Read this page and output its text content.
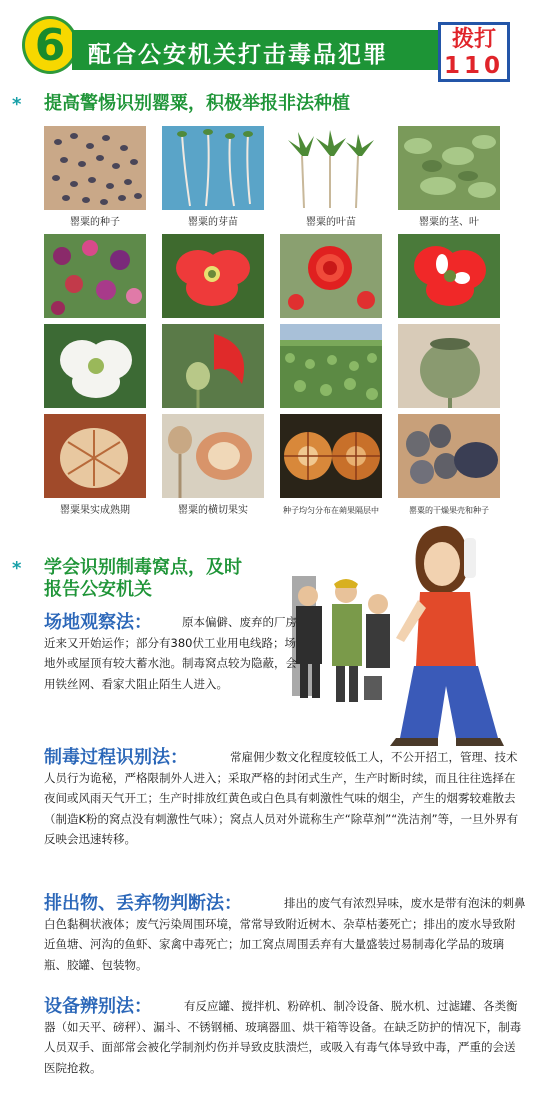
6 配合公安机关打击毒品犯罪
拨打
110
* 提高警惕识别罂粟，积极举报非法种植
罂粟的种子	罂粟的芽苗	罂粟的叶苗	罂粟的茎、叶
罂粟果实成熟期	罂粟的横切果实	种子均匀分布在蒴果隔层中	罂粟的干燥果壳和种子
* 学会识别制毒窝点，及时
报告公安机关
场地观察法：	原本偏僻、废弃的厂房近来又开始运作；部分有380伏工业用电线路；场地外或屋顶有较大蓄水池。制毒窝点较为隐蔽，会用铁丝网、看家犬阻止陌生人进入。
制毒过程识别法：	常雇佣少数文化程度较低工人，不公开招工，管理、技术人员行为诡秘，严格限制外人进入；采取严格的封闭式生产，生产时断时续，而且往往选择在夜间或风雨天气开工；生产时排放红黄色或白色具有刺激性气味的烟尘，产生的烟雾较难散去（制造K粉的窝点没有刺激性气味）；窝点人员对外谎称生产“除草剂”“洗洁剂”等，一旦外界有反映会迅速转移。
排出物、丢弃物判断法：	排出的废气有浓烈异味，废水是带有泡沫的刺鼻白色黏稠状液体；废气污染周围环境，常常导致附近树木、杂草枯萎死亡；排出的废水导致附近鱼塘、河沟的鱼虾、家禽中毒死亡；加工窝点周围丢弃有大量盛装过易制毒化学品的玻璃瓶、胶罐、包装物。
设备辨别法：	有反应罐、搅拌机、粉碎机、制冷设备、脱水机、过滤罐、各类衡器（如天平、磅秤）、漏斗、不锈钢桶、玻璃器皿、烘干箱等设备。在缺乏防护的情况下，制毒人员双手、面部常会被化学制剂灼伤并导致皮肤溃烂，或吸入有毒气体导致中毒，严重的会送医院抢救。
